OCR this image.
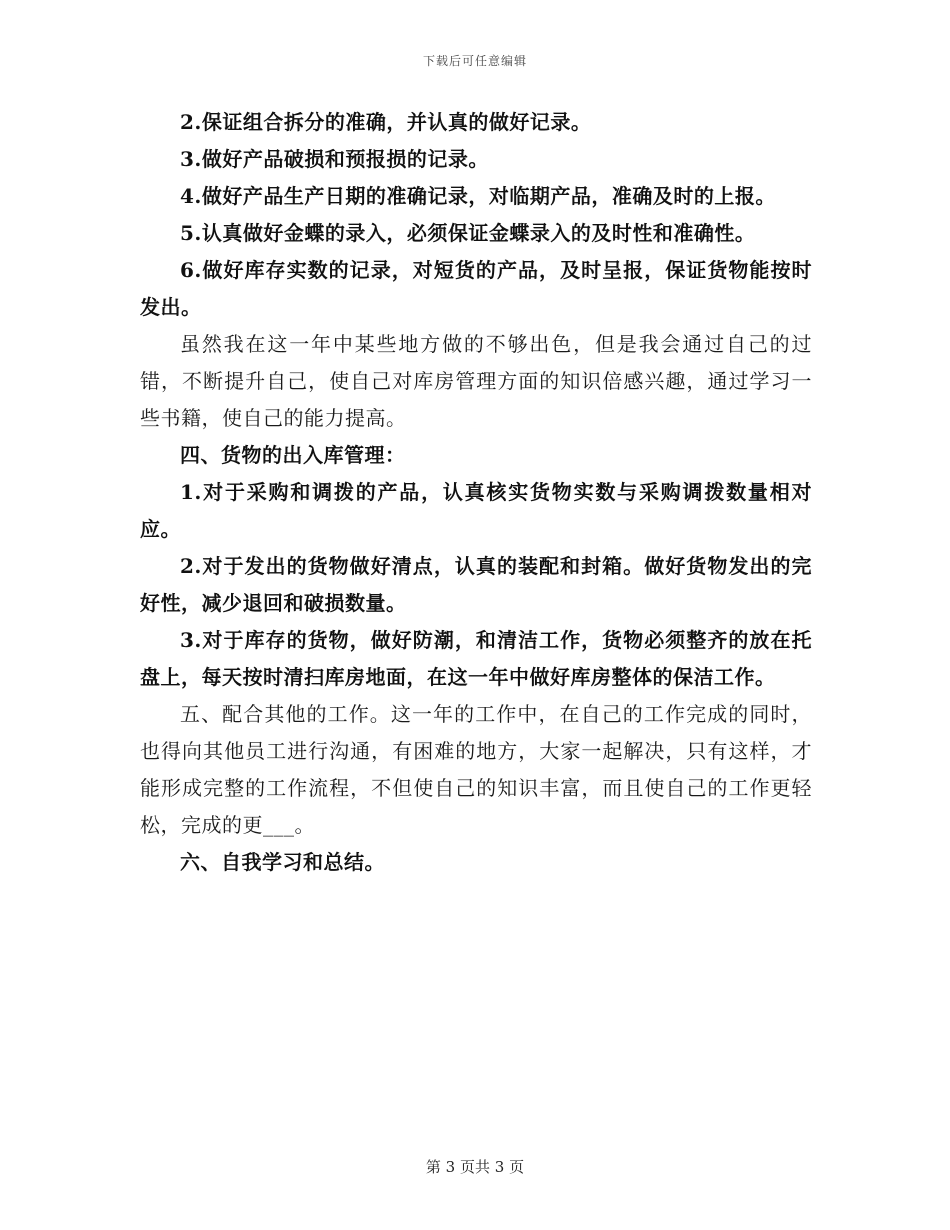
下载后可任意编辑

2.保证组合拆分的准确，并认真的做好记录。

3.做好产品破损和预报损的记录。

4.做好产品生产日期的准确记录，对临期产品，准确及时的上报。

5.认真做好金蝶的录入，必须保证金蝶录入的及时性和准确性。

6.做好库存实数的记录，对短货的产品，及时呈报，保证货物能按时发出。

虽然我在这一年中某些地方做的不够出色，但是我会通过自己的过错，不断提升自己，使自己对库房管理方面的知识倍感兴趣，通过学习一些书籍，使自己的能力提高。

四、货物的出入库管理：

1.对于采购和调拨的产品，认真核实货物实数与采购调拨数量相对应。

2.对于发出的货物做好清点，认真的装配和封箱。做好货物发出的完好性，减少退回和破损数量。

3.对于库存的货物，做好防潮，和清洁工作，货物必须整齐的放在托盘上，每天按时清扫库房地面，在这一年中做好库房整体的保洁工作。

五、配合其他的工作。这一年的工作中，在自己的工作完成的同时，也得向其他员工进行沟通，有困难的地方，大家一起解决，只有这样，才能形成完整的工作流程，不但使自己的知识丰富，而且使自己的工作更轻松，完成的更___。

六、自我学习和总结。

第 3 页共 3 页
